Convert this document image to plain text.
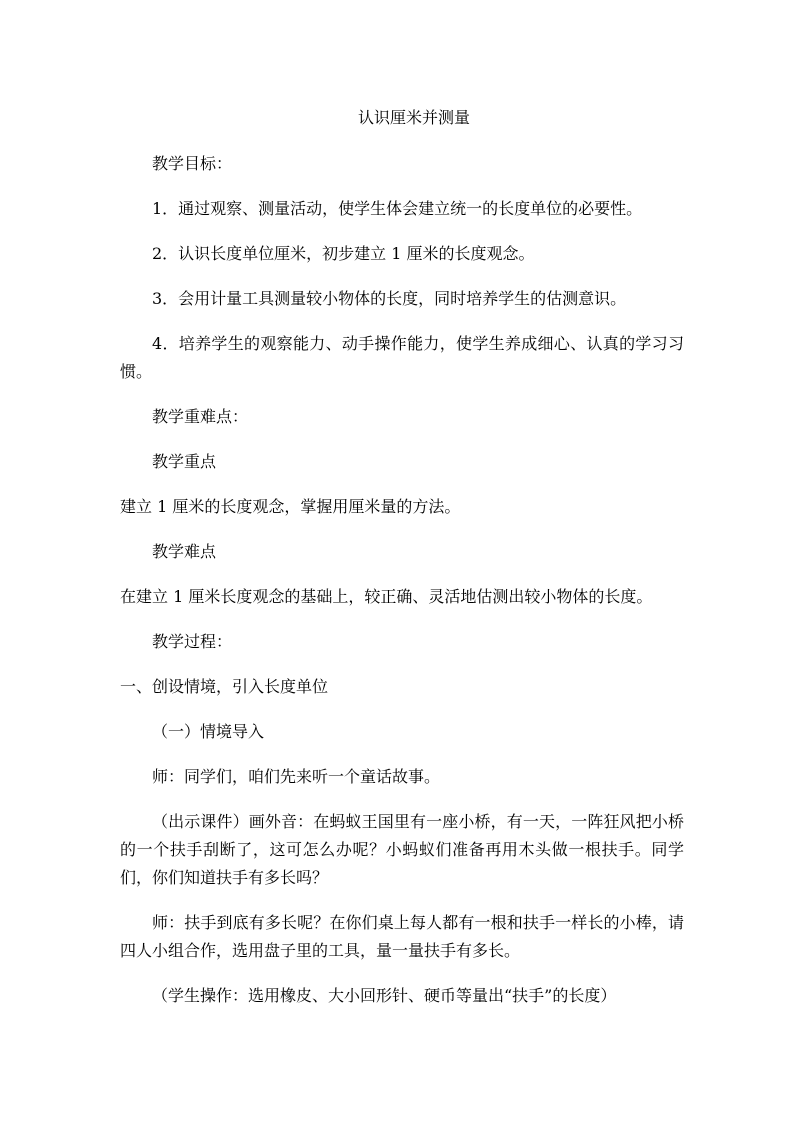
认识厘米并测量

教学目标：

1．通过观察、测量活动，使学生体会建立统一的长度单位的必要性。

2．认识长度单位厘米，初步建立 1 厘米的长度观念。

3．会用计量工具测量较小物体的长度，同时培养学生的估测意识。

4．培养学生的观察能力、动手操作能力，使学生养成细心、认真的学习习惯。

教学重难点：

教学重点

建立 1 厘米的长度观念，掌握用厘米量的方法。

教学难点

在建立 1 厘米长度观念的基础上，较正确、灵活地估测出较小物体的长度。

教学过程：

一、创设情境，引入长度单位

（一）情境导入

师：同学们，咱们先来听一个童话故事。

（出示课件）画外音：在蚂蚁王国里有一座小桥，有一天，一阵狂风把小桥的一个扶手刮断了，这可怎么办呢？小蚂蚁们准备再用木头做一根扶手。同学们，你们知道扶手有多长吗？

师：扶手到底有多长呢？在你们桌上每人都有一根和扶手一样长的小棒，请四人小组合作，选用盘子里的工具，量一量扶手有多长。

（学生操作：选用橡皮、大小回形针、硬币等量出“扶手”的长度）
